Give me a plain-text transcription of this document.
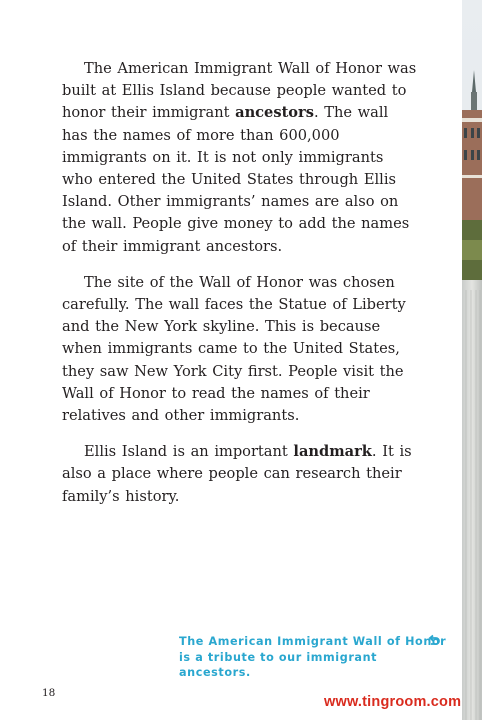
The American Immigrant Wall of Honor was built at Ellis Island because people wanted to honor their immigrant ancestors. The wall has the names of more than 600,000 immigrants on it. It is not only immigrants who entered the United States through Ellis Island. Other immigrants’ names are also on the wall. People give money to add the names of their immigrant ancestors.

The site of the Wall of Honor was chosen carefully. The wall faces the Statue of Liberty and the New York skyline. This is because when immigrants came to the United States, they saw New York City first. People visit the Wall of Honor to read the names of their relatives and other immigrants.

Ellis Island is an important landmark. It is also a place where people can research their family’s history.

The American Immigrant Wall of Honor
is a tribute to our immigrant ancestors.
18
www.tingroom.com
